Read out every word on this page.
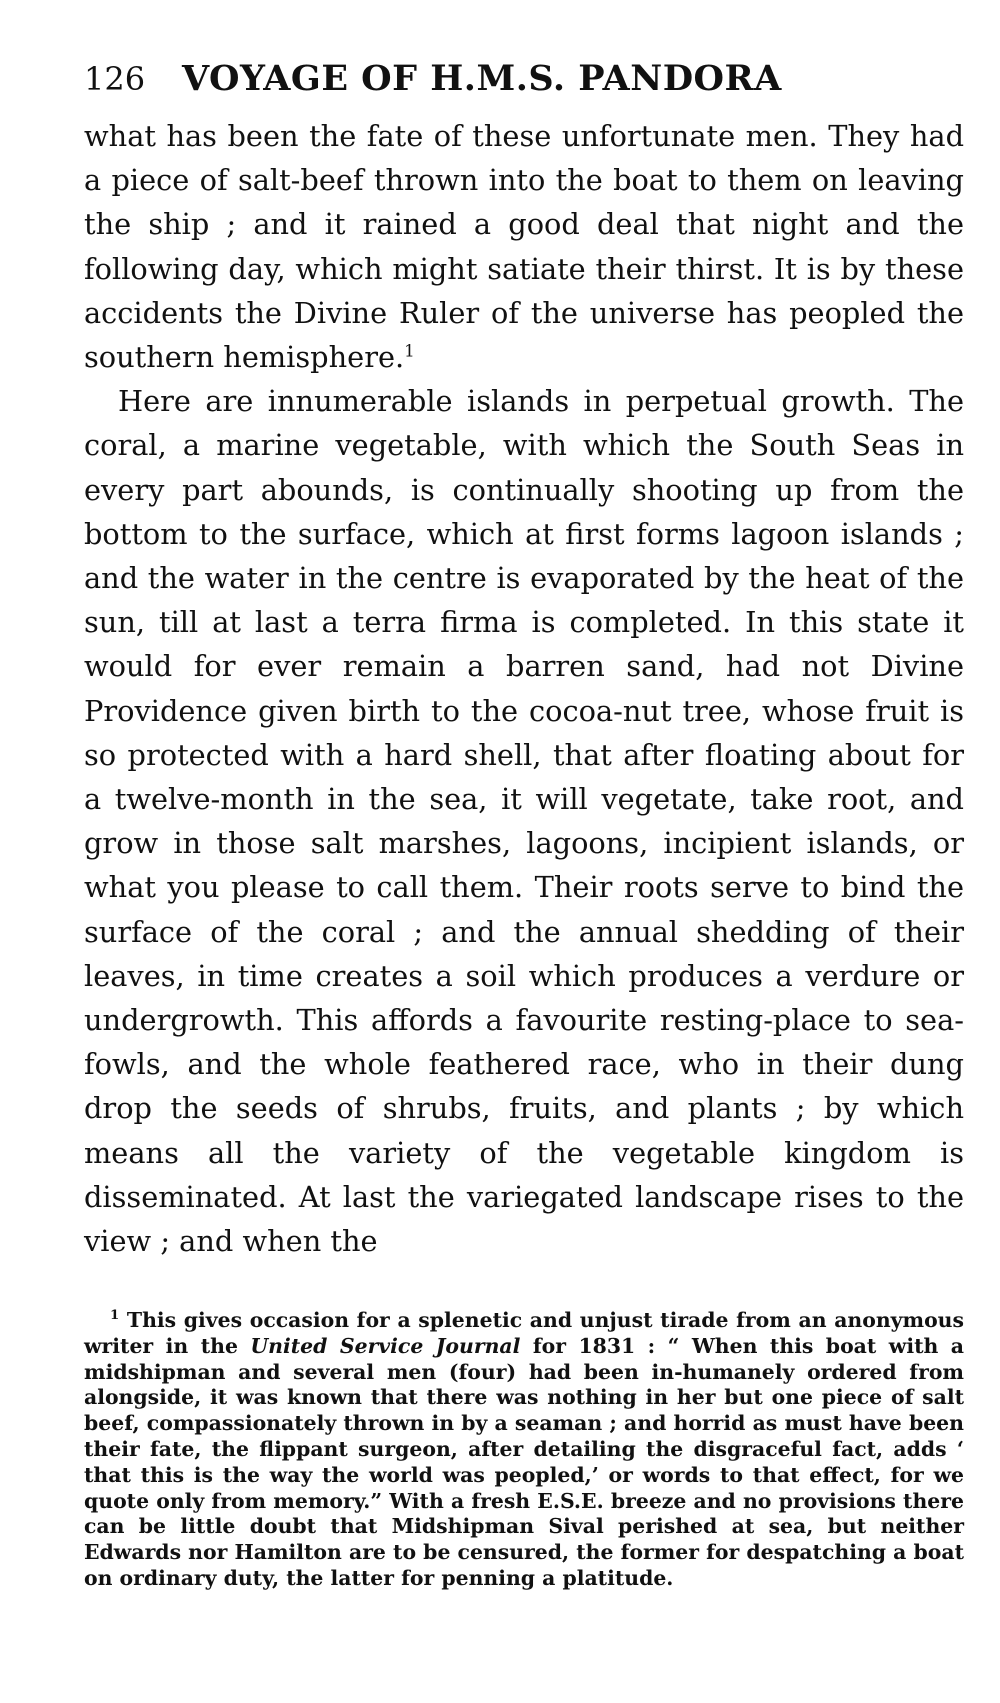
126	VOYAGE OF H.M.S. PANDORA

what has been the fate of these unfortunate men. They had a piece of salt-beef thrown into the boat to them on leaving the ship ; and it rained a good deal that night and the following day, which might satiate their thirst. It is by these accidents the Divine Ruler of the universe has peopled the southern hemisphere.$^1$

Here are innumerable islands in perpetual growth. The coral, a marine vegetable, with which the South Seas in every part abounds, is continually shooting up from the bottom to the surface, which at first forms lagoon islands ; and the water in the centre is evaporated by the heat of the sun, till at last a terra firma is completed. In this state it would for ever remain a barren sand, had not Divine Providence given birth to the cocoa-nut tree, whose fruit is so protected with a hard shell, that after floating about for a twelve-month in the sea, it will vegetate, take root, and grow in those salt marshes, lagoons, incipient islands, or what you please to call them. Their roots serve to bind the surface of the coral ; and the annual shedding of their leaves, in time creates a soil which produces a verdure or undergrowth. This affords a favourite resting-place to sea-fowls, and the whole feathered race, who in their dung drop the seeds of shrubs, fruits, and plants ; by which means all the variety of the vegetable kingdom is disseminated. At last the variegated landscape rises to the view ; and when the

$^1$ This gives occasion for a splenetic and unjust tirade from an anonymous writer in the United Service Journal for 1831 : “ When this boat with a midshipman and several men (four) had been in-humanely ordered from alongside, it was known that there was nothing in her but one piece of salt beef, compassionately thrown in by a seaman ; and horrid as must have been their fate, the flippant surgeon, after detailing the disgraceful fact, adds ‘ that this is the way the world was peopled,’ or words to that effect, for we quote only from memory.” With a fresh E.S.E. breeze and no provisions there can be little doubt that Midshipman Sival perished at sea, but neither Edwards nor Hamilton are to be censured, the former for despatching a boat on ordinary duty, the latter for penning a platitude.
